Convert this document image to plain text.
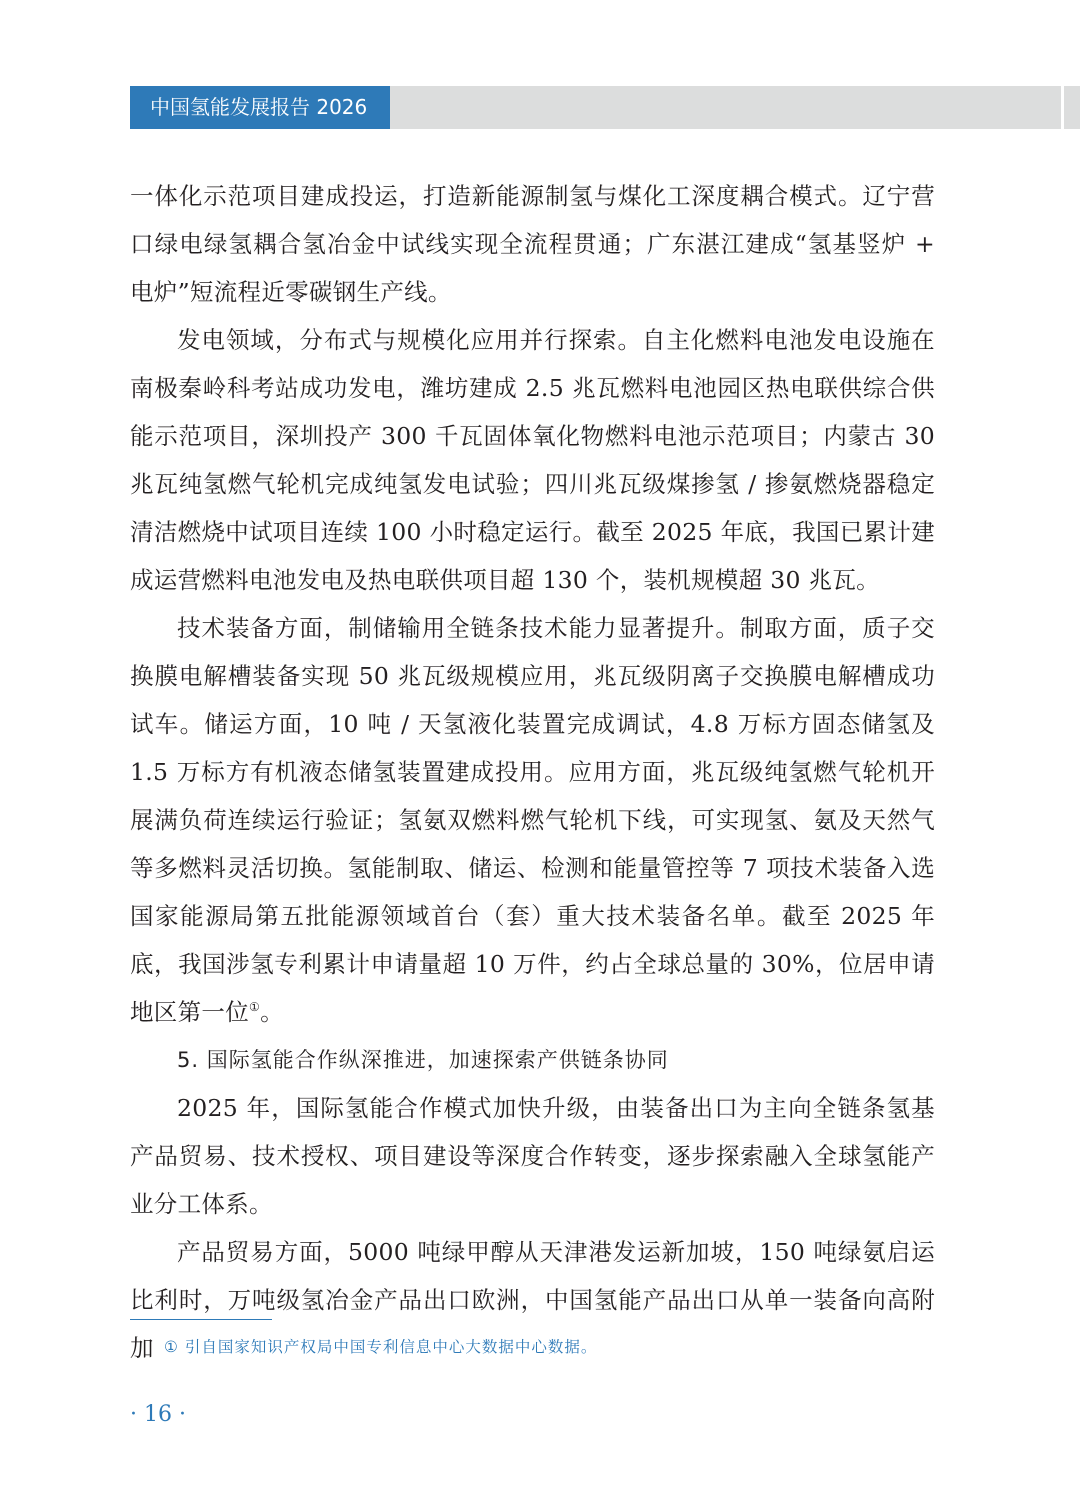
中国氢能发展报告 2026

一体化示范项目建成投运，打造新能源制氢与煤化工深度耦合模式。辽宁营口绿电绿氢耦合氢冶金中试线实现全流程贯通；广东湛江建成“氢基竖炉 + 电炉”短流程近零碳钢生产线。

发电领域，分布式与规模化应用并行探索。自主化燃料电池发电设施在南极秦岭科考站成功发电，潍坊建成 2.5 兆瓦燃料电池园区热电联供综合供能示范项目，深圳投产 300 千瓦固体氧化物燃料电池示范项目；内蒙古 30 兆瓦纯氢燃气轮机完成纯氢发电试验；四川兆瓦级煤掺氢 / 掺氨燃烧器稳定清洁燃烧中试项目连续 100 小时稳定运行。截至 2025 年底，我国已累计建成运营燃料电池发电及热电联供项目超 130 个，装机规模超 30 兆瓦。

技术装备方面，制储输用全链条技术能力显著提升。制取方面，质子交换膜电解槽装备实现 50 兆瓦级规模应用，兆瓦级阴离子交换膜电解槽成功试车。储运方面，10 吨 / 天氢液化装置完成调试，4.8 万标方固态储氢及 1.5 万标方有机液态储氢装置建成投用。应用方面，兆瓦级纯氢燃气轮机开展满负荷连续运行验证；氢氨双燃料燃气轮机下线，可实现氢、氨及天然气等多燃料灵活切换。氢能制取、储运、检测和能量管控等 7 项技术装备入选国家能源局第五批能源领域首台（套）重大技术装备名单。截至 2025 年底，我国涉氢专利累计申请量超 10 万件，约占全球总量的 30%，位居申请地区第一位①。

5. 国际氢能合作纵深推进，加速探索产供链条协同

2025 年，国际氢能合作模式加快升级，由装备出口为主向全链条氢基产品贸易、技术授权、项目建设等深度合作转变，逐步探索融入全球氢能产业分工体系。

产品贸易方面，5000 吨绿甲醇从天津港发运新加坡，150 吨绿氨启运比利时，万吨级氢冶金产品出口欧洲，中国氢能产品出口从单一装备向高附加 ① 引自国家知识产权局中国专利信息中心大数据中心数据。
· 16 ·
